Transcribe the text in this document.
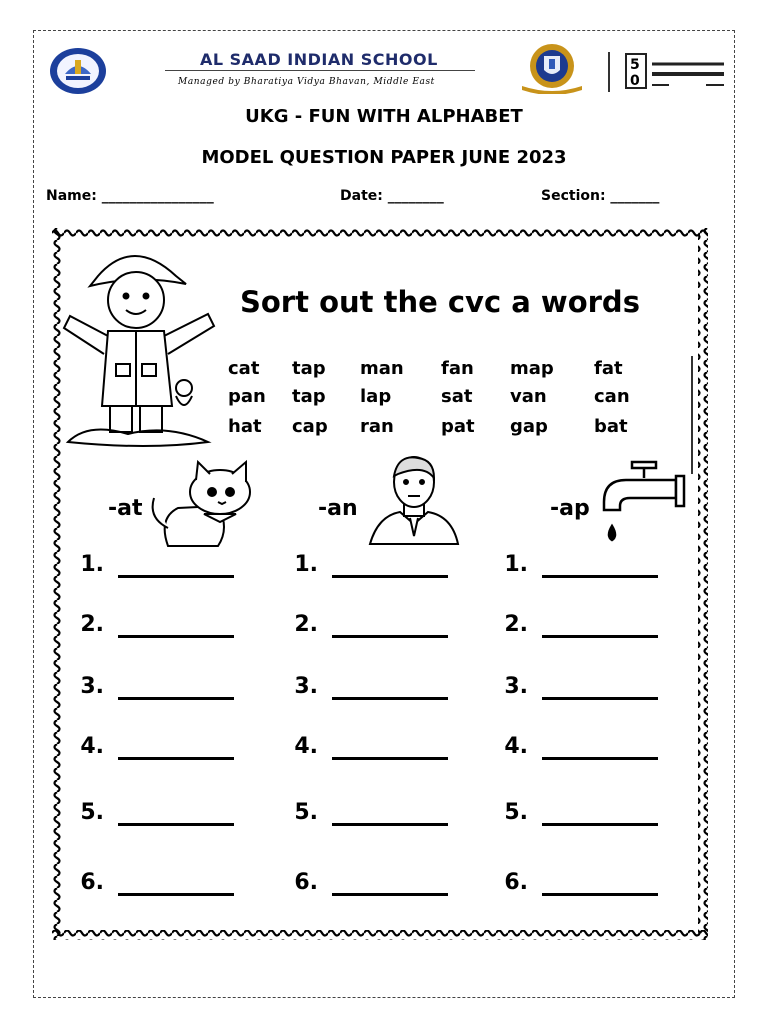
AL SAAD INDIAN SCHOOL
Managed by Bharatiya Vidya Bhavan, Middle East
5
0
UKG - FUN WITH ALPHABET
MODEL QUESTION PAPER JUNE 2023
Name: ________________	Date: ________	Section: _______
Sort out the cvc a words
cat tap man fan map fat
pan tap lap	sat van	can
hat cap ran	pat gap	bat
-at
1.
2.
3.
4.
5.
6.
-an
1.
2.
3.
4.
5.
6.
-ap
1.
2.
3.
4.
5.
6.
